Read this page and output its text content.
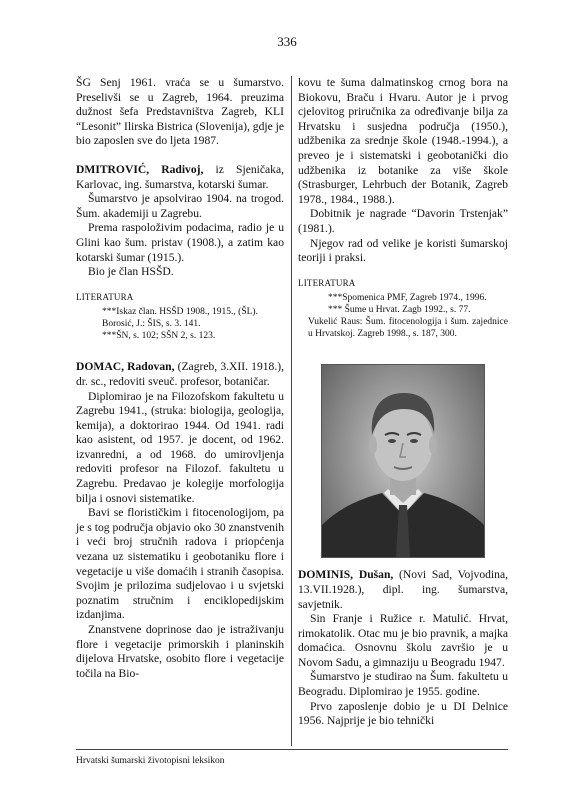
336

ŠG Senj 1961. vraća se u šumarstvo. Preselivši se u Zagreb, 1964. preuzima dužnost šefa Predstavništva Zagreb, KLI “Lesonit” Ilirska Bistrica (Slovenija), gdje je bio zaposlen sve do ljeta 1987.

DMITROVIĆ, Radivoj, iz Sjeničaka, Karlovac, ing. šumarstva, kotarski šumar.

Šumarstvo je apsolvirao 1904. na trogod. Šum. akademiji u Zagrebu.

Prema raspoloživim podacima, radio je u Glini kao šum. pristav (1908.), a zatim kao kotarski šumar (1915.).

Bio je član HSŠD.

LITERATURA
***Iskaz član. HSŠD 1908., 1915., (ŠL).
Borosić, J.: ŠIS, s. 3. 141.
***ŠN, s. 102; SŠN 2, s. 123.

DOMAC, Radovan, (Zagreb, 3.XII. 1918.), dr. sc., redoviti sveuč. profesor, botaničar.

Diplomirao je na Filozofskom fakultetu u Zagrebu 1941., (struka: biologija, geologija, kemija), a doktorirao 1944. Od 1941. radi kao asistent, od 1957. je docent, od 1962. izvanredni, a od 1968. do umirovljenja redoviti profesor na Filozof. fakultetu u Zagrebu. Predavao je kolegije morfologija bilja i osnovi sistematike.

Bavi se florističkim i fitocenologijom, pa je s tog područja objavio oko 30 znanstvenih i veći broj stručnih radova i priopćenja vezana uz sistematiku i geobotaniku flore i vegetacije u više domaćih i stranih časopisa. Svojim je prilozima sudjelovao i u svjetski poznatim stručnim i enciklopedijskim izdanjima.

Znanstvene doprinose dao je istraživanju flore i vegetacije primorskih i planinskih dijelova Hrvatske, osobito flore i vegetacije točila na Bio-

kovu te šuma dalmatinskog crnog bora na Biokovu, Braču i Hvaru. Autor je i prvog cjelovitog priručnika za određivanje bilja za Hrvatsku i susjedna područja (1950.), udžbenika za srednje škole (1948.-1994.), a preveo je i sistematski i geobotanički dio udžbenika iz botanike za više škole (Strasburger, Lehrbuch der Botanik, Zagreb 1978., 1984., 1988.).

Dobitnik je nagrade “Davorin Trstenjak” (1981.).

Njegov rad od velike je koristi šumarskoj teoriji i praksi.

LITERATURA
***Spomenica PMF, Zagreb 1974., 1996.
*** Šume u Hrvat. Zagb 1992., s. 77.
Vukelić Raus: Šum. fitocenologija i šum. zajednice u Hrvatskoj. Zagreb 1998., s. 187, 300.

DOMINIS, Dušan, (Novi Sad, Vojvodina, 13.VII.1928.), dipl. ing. šumarstva, savjetnik.

Sin Franje i Ružice r. Matulić. Hrvat, rimokatolik. Otac mu je bio pravnik, a majka domaćica. Osnovnu školu završio je u Novom Sadu, a gimnaziju u Beogradu 1947.

Šumarstvo je studirao na Šum. fakultetu u Beogradu. Diplomirao je 1955. godine.

Prvo zaposlenje dobio je u DI Delnice 1956. Najprije je bio tehnički

Hrvatski šumarski životopisni leksikon
